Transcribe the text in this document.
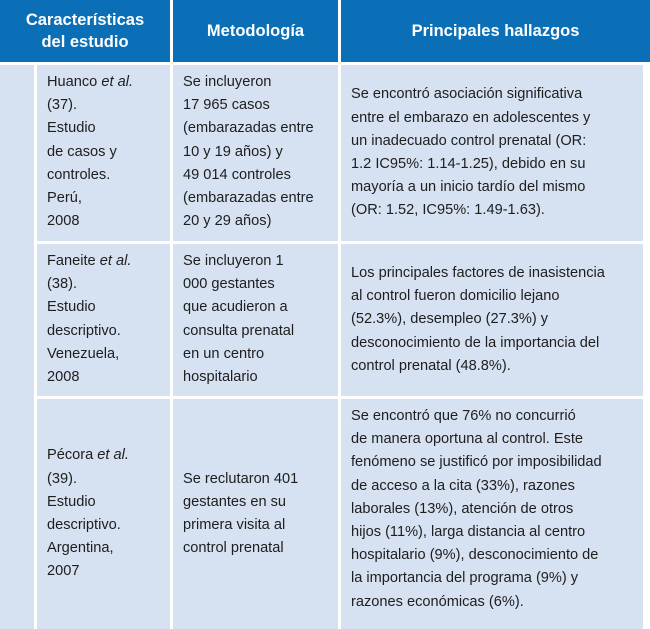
Características
del estudio
Metodología	Principales hallazgos
Huanco et al.
(37).
Estudio
de casos y
controles.
Perú,
2008
Se incluyeron
17 965 casos
(embarazadas entre
10 y 19 años) y
49 014 controles
(embarazadas entre
20 y 29 años)
Se encontró asociación significativa
entre el embarazo en adolescentes y
un inadecuado control prenatal (OR:
1.2 IC95%: 1.14-1.25), debido en su
mayoría a un inicio tardío del mismo
(OR: 1.52, IC95%: 1.49-1.63).
Faneite et al.
(38).
Estudio
descriptivo.
Venezuela,
2008
Se incluyeron 1
000 gestantes
que acudieron a
consulta prenatal
en un centro
hospitalario
Los principales factores de inasistencia
al control fueron domicilio lejano
(52.3%), desempleo (27.3%) y
desconocimiento de la importancia del
control prenatal (48.8%).
Pécora et al.
(39).
Estudio
descriptivo.
Argentina,
2007
Se reclutaron 401
gestantes en su
primera visita al
control prenatal
Se encontró que 76% no concurrió
de manera oportuna al control. Este
fenómeno se justificó por imposibilidad
de acceso a la cita (33%), razones
laborales (13%), atención de otros
hijos (11%), larga distancia al centro
hospitalario (9%), desconocimiento de
la importancia del programa (9%) y
razones económicas (6%).
